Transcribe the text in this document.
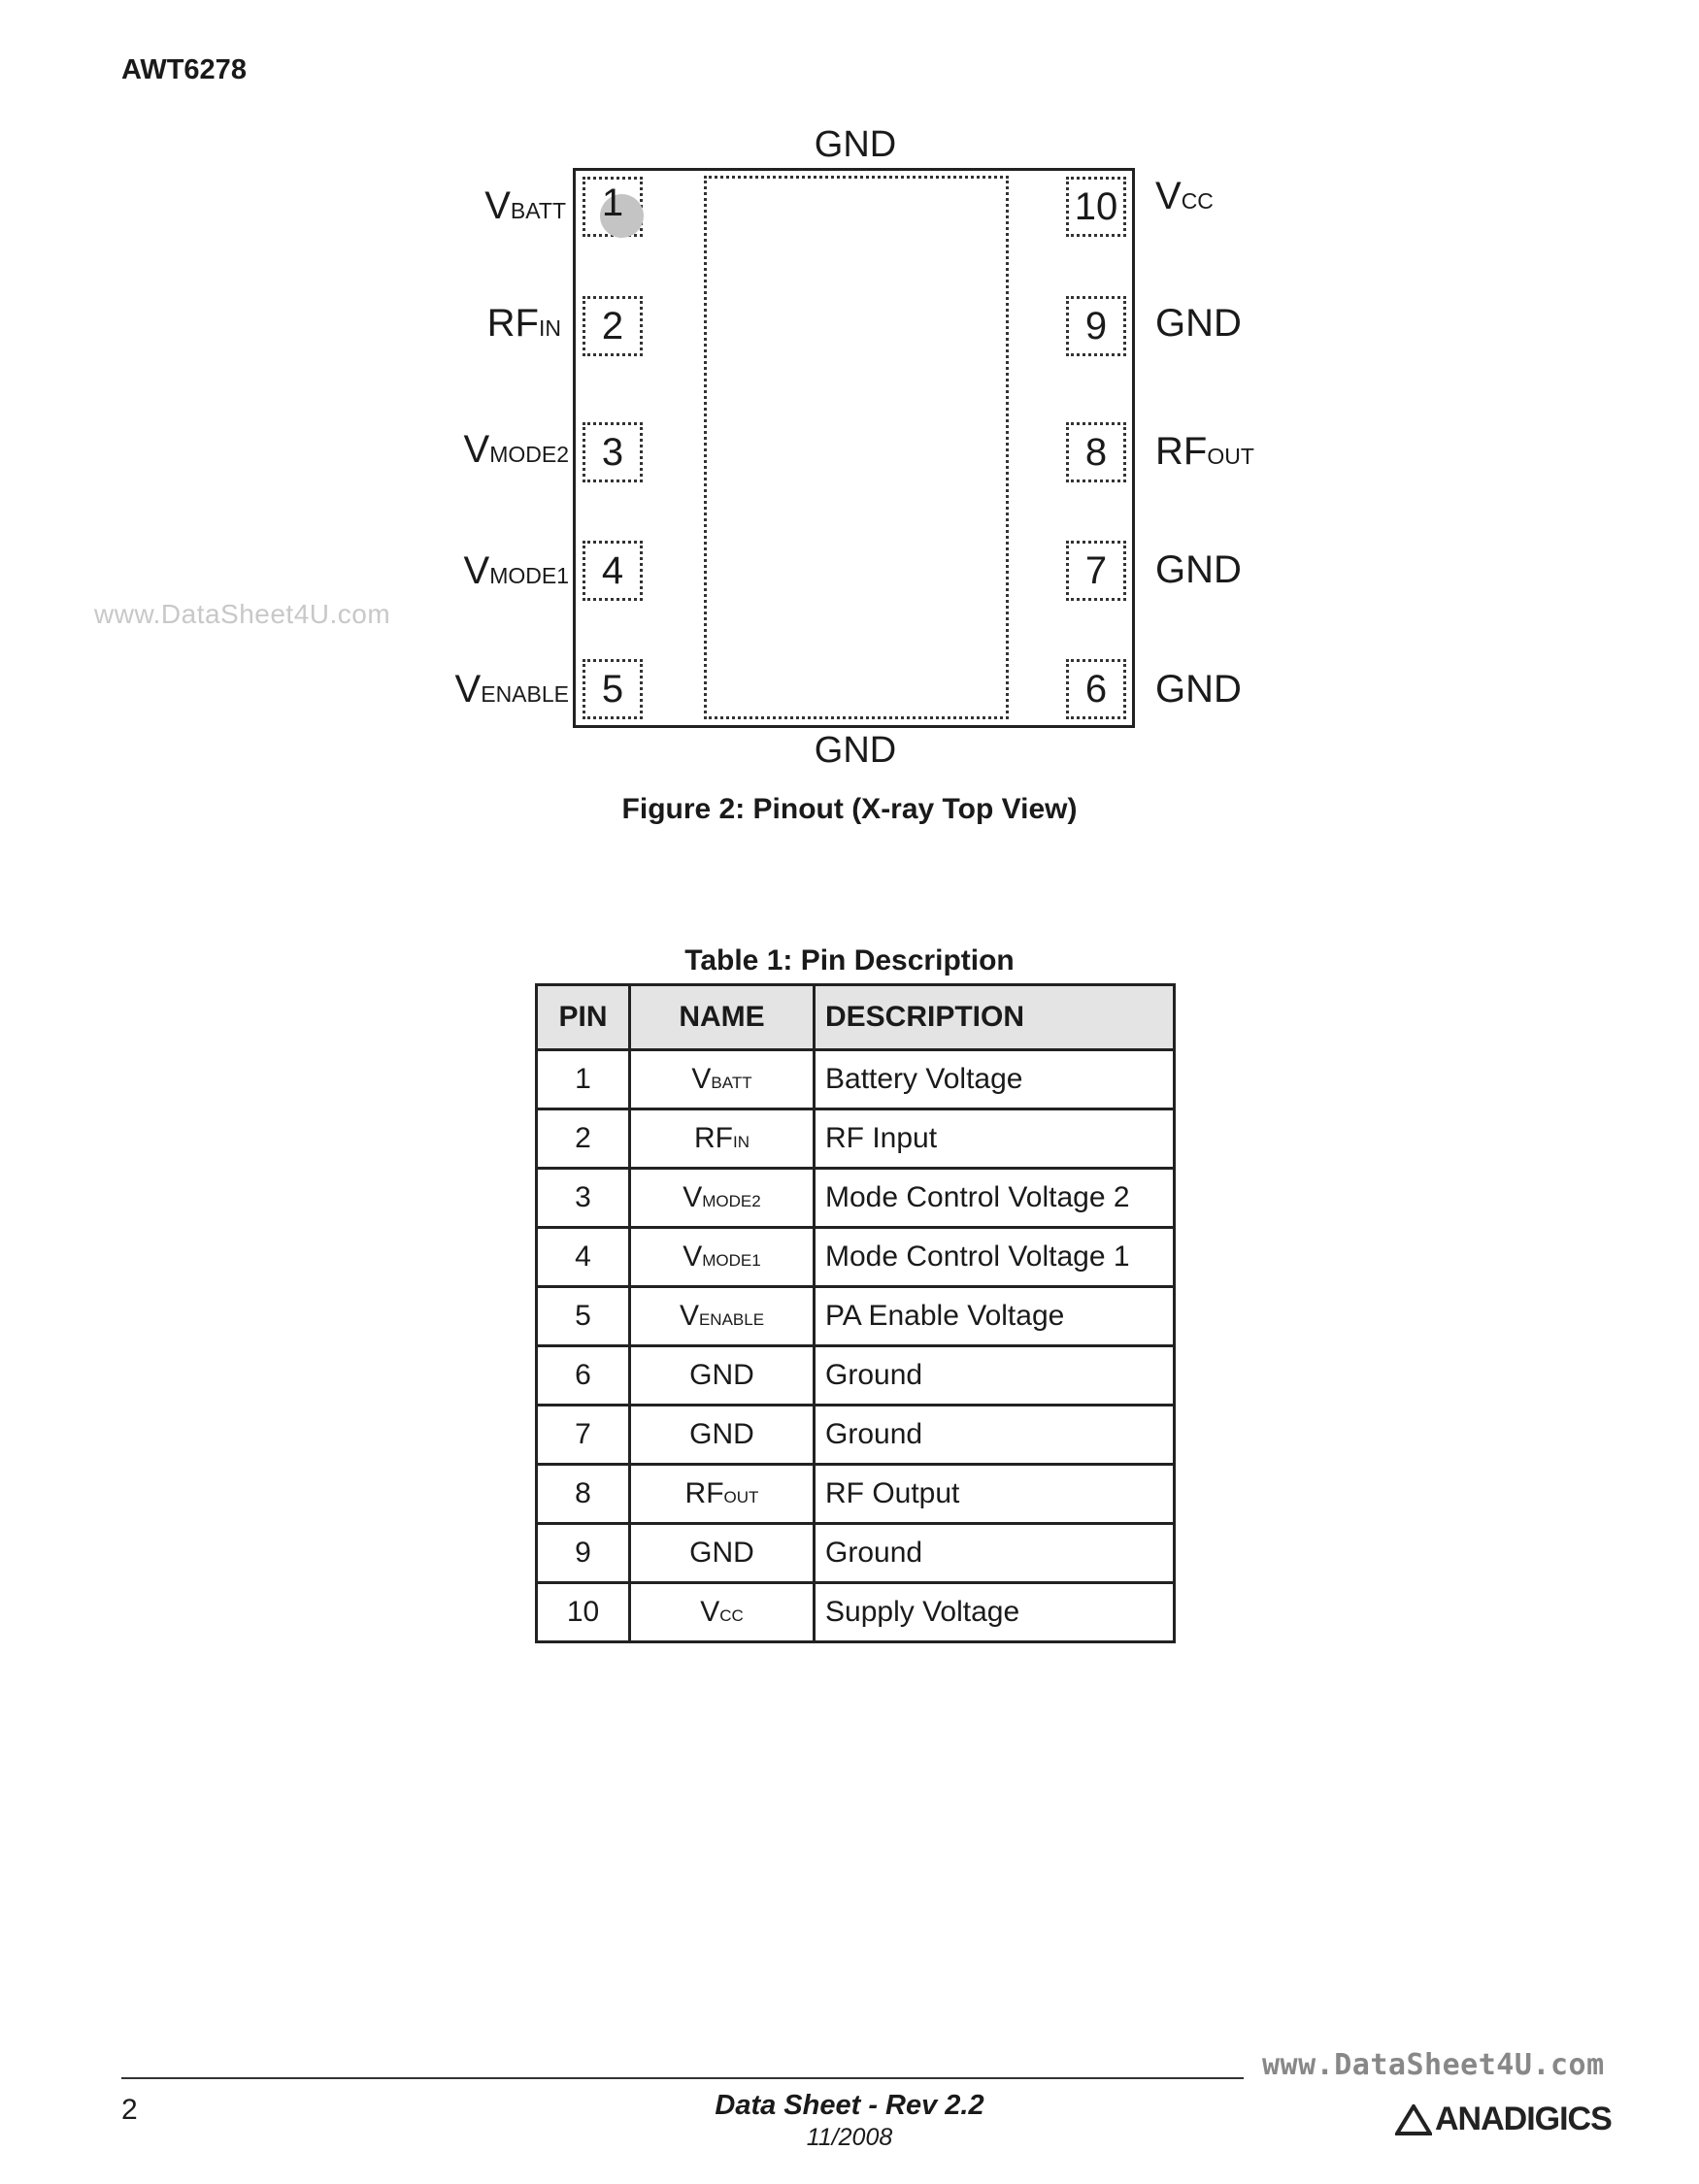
AWT6278
www.DataSheet4U.com
GND
1
2
3
4
5
VBATT
RFIN
VMODE2
VMODE1
VENABLE
10
9
8
7
6
VCC
GND
RFOUT
GND
GND
GND
Figure 2: Pinout (X-ray Top View)
Table 1: Pin Description
PIN	NAME	DESCRIPTION
1	VBATT	Battery Voltage
2	RFIN	RF Input
3	VMODE2	Mode Control Voltage 2
4	VMODE1	Mode Control Voltage 1
5	VENABLE	PA Enable Voltage
6	GND	Ground
7	GND	Ground
8	RFOUT	RF Output
9	GND	Ground
10	VCC	Supply Voltage
www.DataSheet4U.com
2	Data Sheet - Rev 2.2
11/2008	ANADIGICS
